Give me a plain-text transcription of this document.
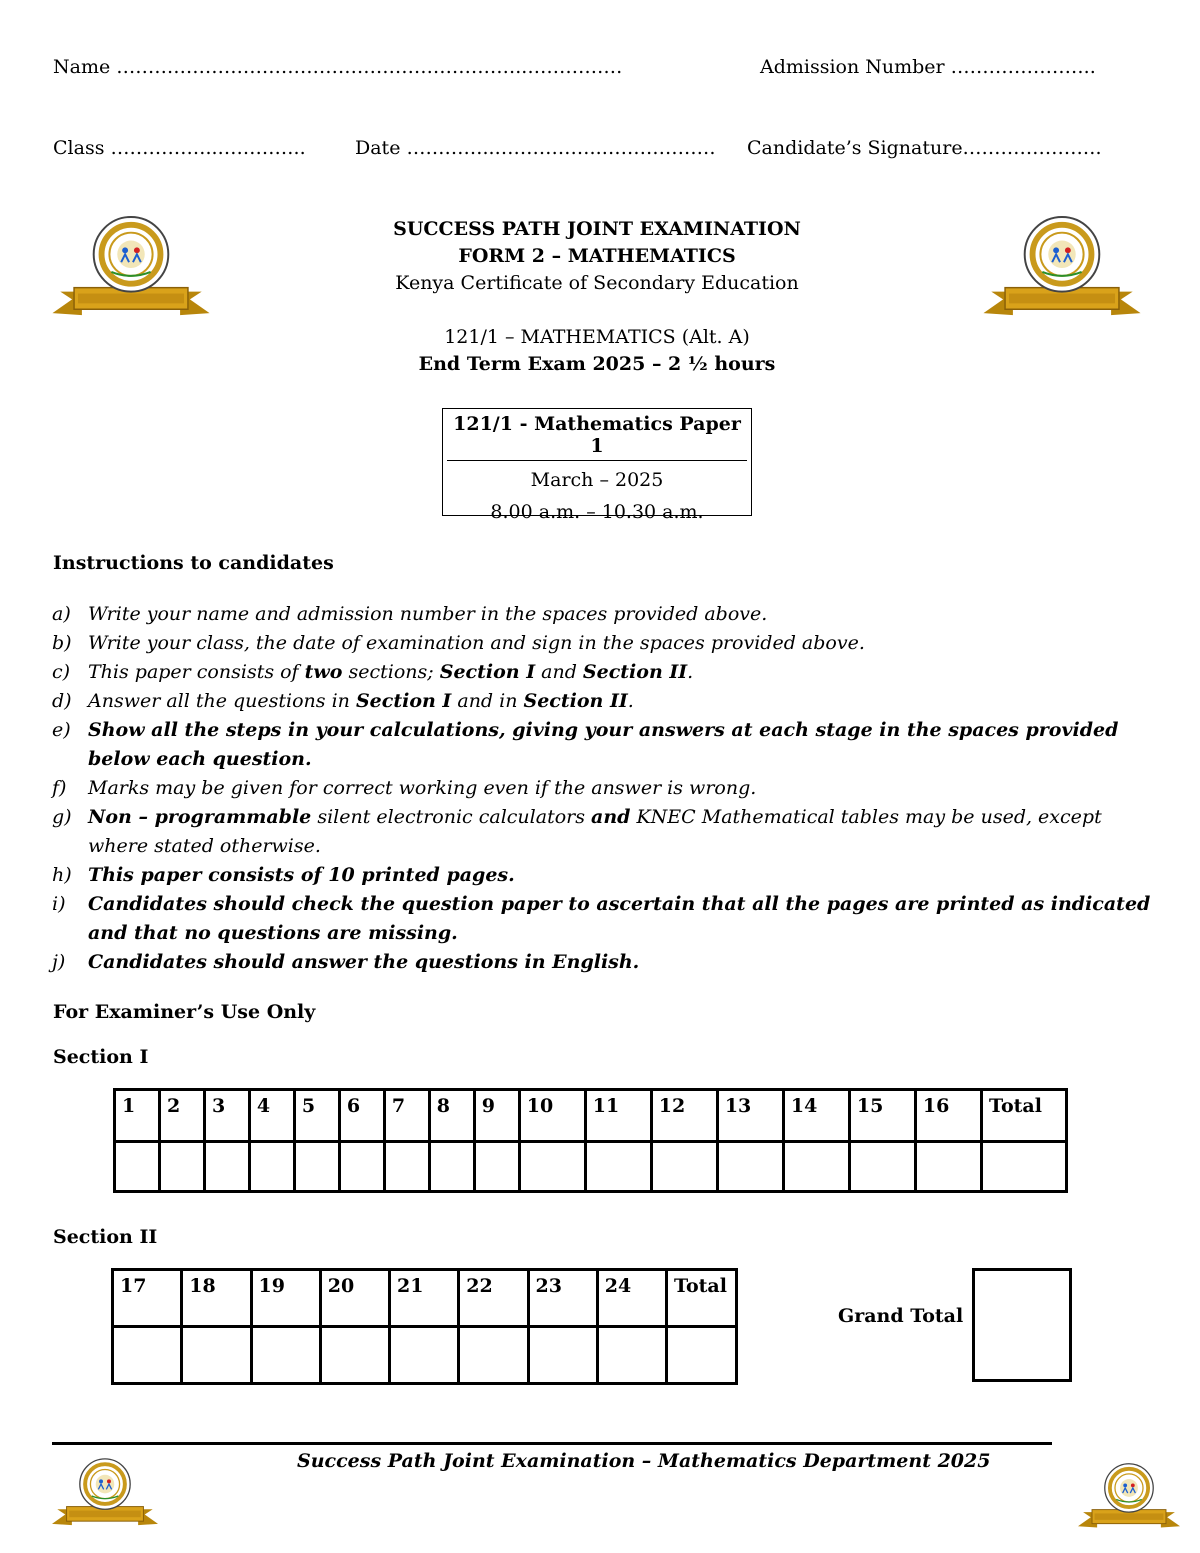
Name ………………………………………………………..……………	Admission Number …………………..
Class ……………..…………..	Date …………..……………..……………… Candidate’s Signature………………….
SUCCESS PATH JOINT EXAMINATION
FORM 2 – MATHEMATICS
Kenya Certificate of Secondary Education
121/1 – MATHEMATICS (Alt. A)
End Term Exam 2025 – 2 ½ hours
121/1 - Mathematics Paper 1
March – 2025
8.00 a.m. – 10.30 a.m.
Instructions to candidates
a) Write your name and admission number in the spaces provided above.
b) Write your class, the date of examination and sign in the spaces provided above.
c) This paper consists of two sections; Section I and Section II.
d) Answer all the questions in Section I and in Section II.
e) Show all the steps in your calculations, giving your answers at each stage in the spaces provided below each question.
f)	Marks may be given for correct working even if the answer is wrong.
g) Non – programmable silent electronic calculators and KNEC Mathematical tables may be used, except where stated otherwise.
h) This paper consists of 10 printed pages.
i)	Candidates should check the question paper to ascertain that all the pages are printed as indicated and that no questions are missing.
j)	Candidates should answer the questions in English.
For Examiner’s Use Only
Section I
1	2	3	4	5	6	7	8	9	10	11	12	13	14	15	16	Total

Section II
17	18	19	20	21	22	23	24	Total

Grand Total
Success Path Joint Examination – Mathematics Department 2025
